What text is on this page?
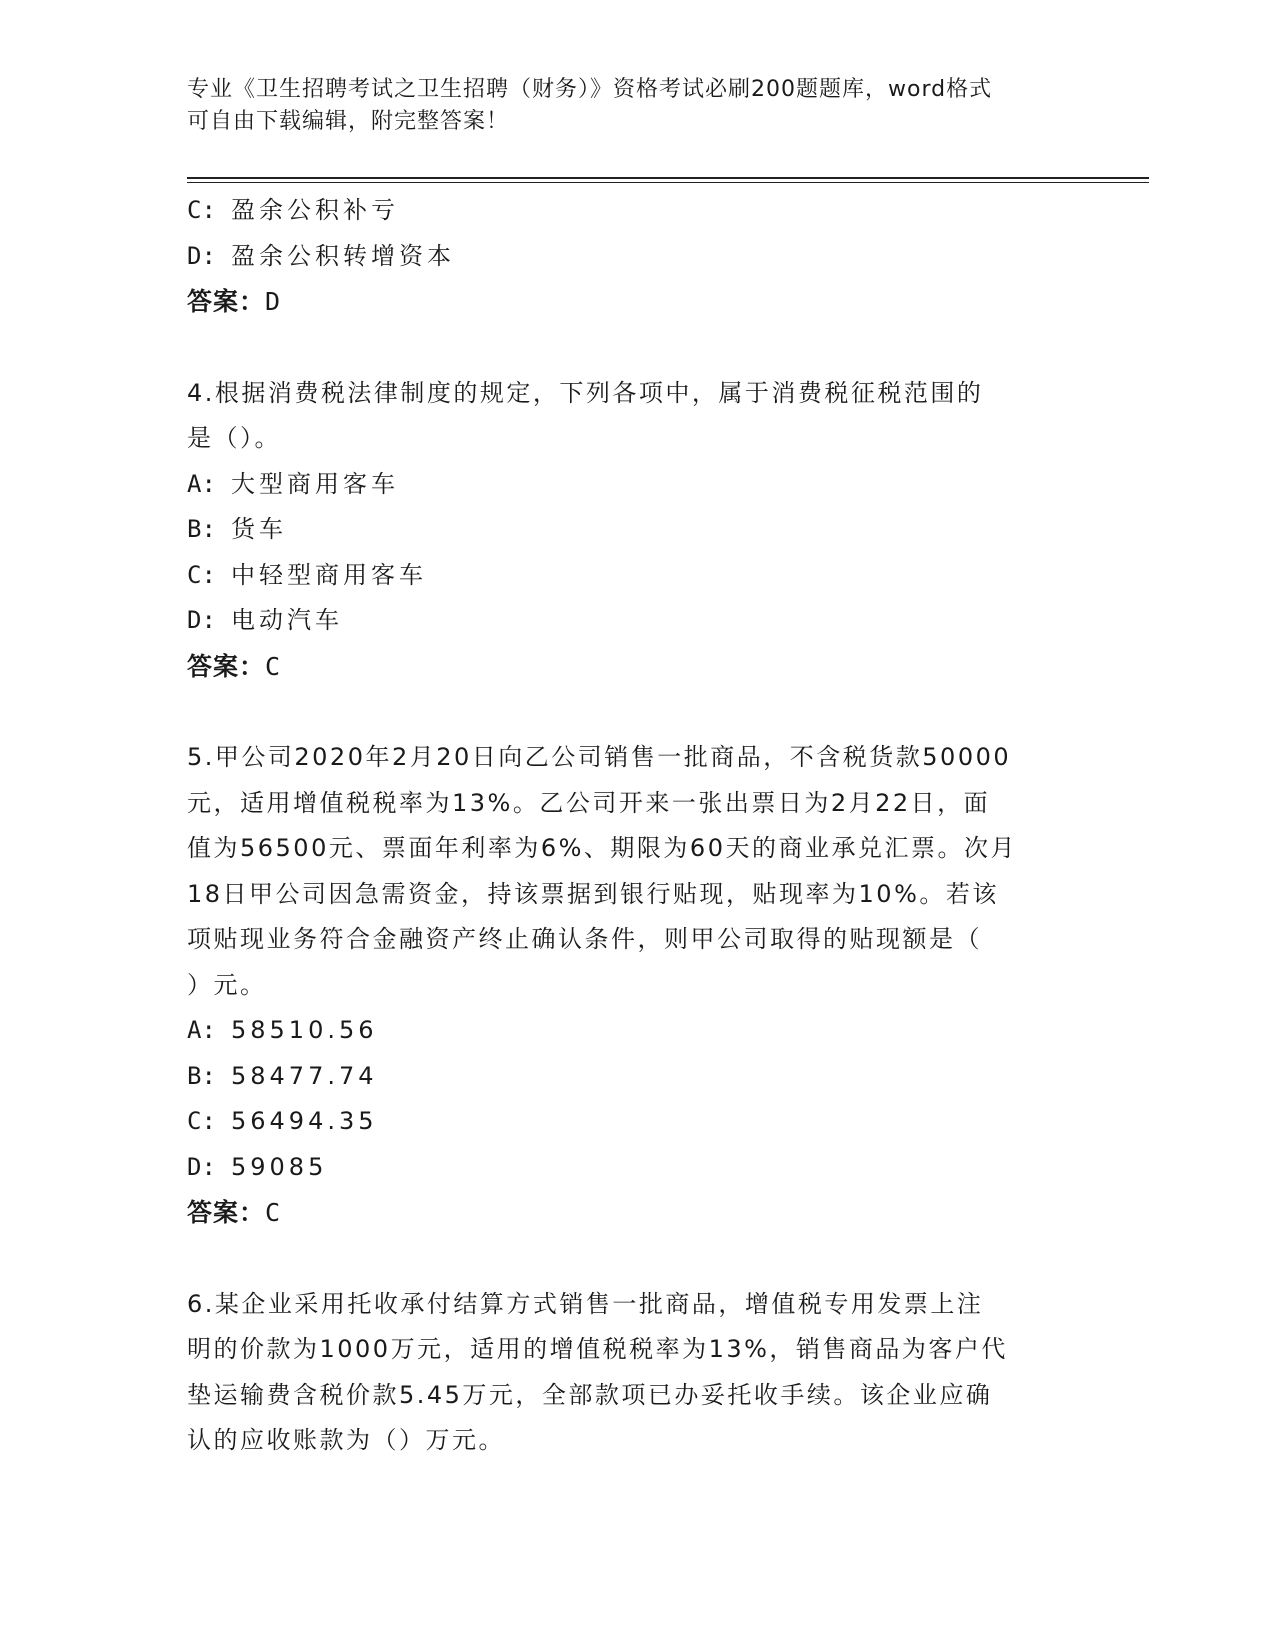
专业《卫生招聘考试之卫生招聘（财务）》资格考试必刷200题题库，word格式
可自由下载编辑，附完整答案！
C: 盈余公积补亏
D: 盈余公积转增资本
答案：D
4.根据消费税法律制度的规定，下列各项中，属于消费税征税范围的
是（）。
A: 大型商用客车
B: 货车
C: 中轻型商用客车
D: 电动汽车
答案：C
5.甲公司2020年2月20日向乙公司销售一批商品，不含税货款50000
元，适用增值税税率为13%。乙公司开来一张出票日为2月22日，面
值为56500元、票面年利率为6%、期限为60天的商业承兑汇票。次月
18日甲公司因急需资金，持该票据到银行贴现，贴现率为10%。若该
项贴现业务符合金融资产终止确认条件，则甲公司取得的贴现额是（
）元。
A: 58510.56
B: 58477.74
C: 56494.35
D: 59085
答案：C
6.某企业采用托收承付结算方式销售一批商品，增值税专用发票上注
明的价款为1000万元，适用的增值税税率为13%，销售商品为客户代
垫运输费含税价款5.45万元，全部款项已办妥托收手续。该企业应确
认的应收账款为（）万元。
